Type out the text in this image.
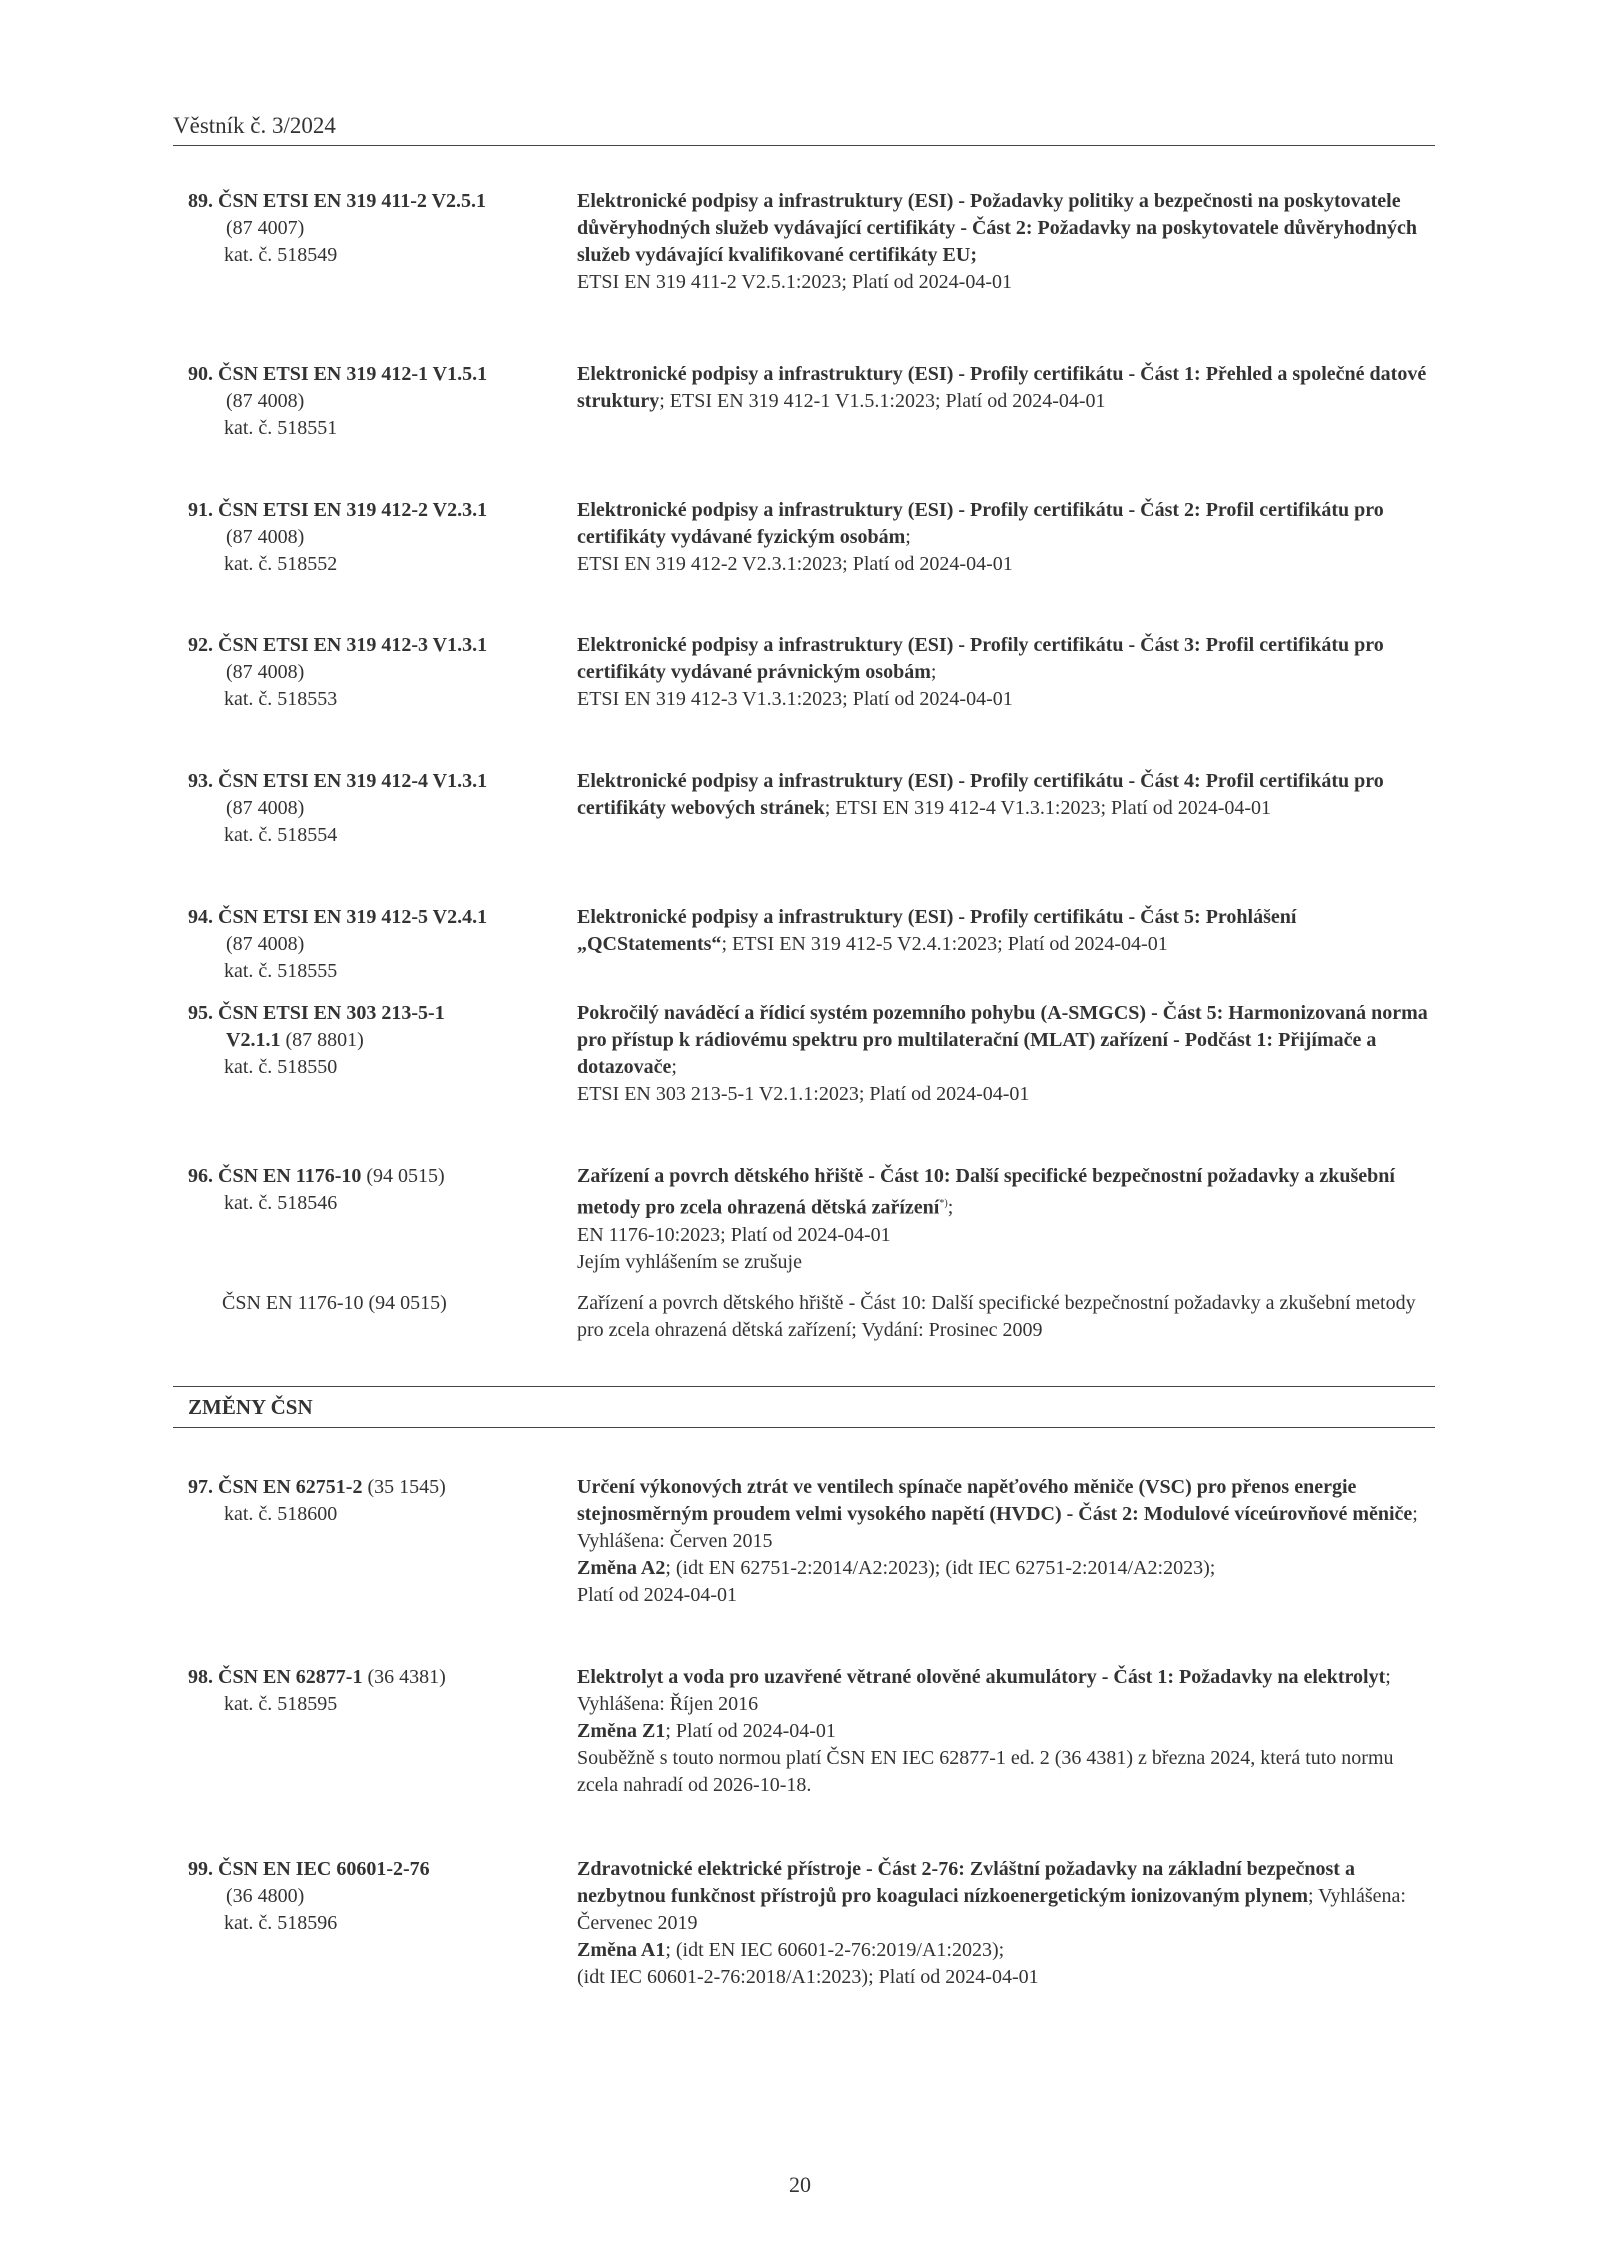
Věstník č. 3/2024
89. ČSN ETSI EN 319 411-2 V2.5.1
(87 4007)
kat. č. 518549
Elektronické podpisy a infrastruktury (ESI) - Požadavky politiky a bezpečnosti na poskytovatele důvěryhodných služeb vydávající certifikáty - Část 2: Požadavky na poskytovatele důvěryhodných služeb vydávající kvalifikované certifikáty EU;
ETSI EN 319 411-2 V2.5.1:2023; Platí od 2024-04-01
90. ČSN ETSI EN 319 412-1 V1.5.1
(87 4008)
kat. č. 518551
Elektronické podpisy a infrastruktury (ESI) - Profily certifikátu - Část 1: Přehled a společné datové struktury; ETSI EN 319 412-1 V1.5.1:2023; Platí od 2024-04-01
91. ČSN ETSI EN 319 412-2 V2.3.1
(87 4008)
kat. č. 518552
Elektronické podpisy a infrastruktury (ESI) - Profily certifikátu - Část 2: Profil certifikátu pro certifikáty vydávané fyzickým osobám;
ETSI EN 319 412-2 V2.3.1:2023; Platí od 2024-04-01
92. ČSN ETSI EN 319 412-3 V1.3.1
(87 4008)
kat. č. 518553
Elektronické podpisy a infrastruktury (ESI) - Profily certifikátu - Část 3: Profil certifikátu pro certifikáty vydávané právnickým osobám;
ETSI EN 319 412-3 V1.3.1:2023; Platí od 2024-04-01
93. ČSN ETSI EN 319 412-4 V1.3.1
(87 4008)
kat. č. 518554
Elektronické podpisy a infrastruktury (ESI) - Profily certifikátu - Část 4: Profil certifikátu pro certifikáty webových stránek; ETSI EN 319 412-4 V1.3.1:2023; Platí od 2024-04-01
94. ČSN ETSI EN 319 412-5 V2.4.1
(87 4008)
kat. č. 518555
Elektronické podpisy a infrastruktury (ESI) - Profily certifikátu - Část 5: Prohlášení „QCStatements“; ETSI EN 319 412-5 V2.4.1:2023; Platí od 2024-04-01
95. ČSN ETSI EN 303 213-5-1
V2.1.1 (87 8801)
kat. č. 518550
Pokročilý naváděcí a řídicí systém pozemního pohybu (A-SMGCS) - Část 5: Harmonizovaná norma pro přístup k rádiovému spektru pro multilaterační (MLAT) zařízení - Podčást 1: Přijímače a dotazovače;
ETSI EN 303 213-5-1 V2.1.1:2023; Platí od 2024-04-01
96. ČSN EN 1176-10 (94 0515)
kat. č. 518546
Zařízení a povrch dětského hřiště - Část 10: Další specifické bezpečnostní požadavky a zkušební metody pro zcela ohrazená dětská zařízení*);
EN 1176-10:2023; Platí od 2024-04-01
Jejím vyhlášením se zrušuje
ČSN EN 1176-10 (94 0515)	Zařízení a povrch dětského hřiště - Část 10: Další specifické bezpečnostní požadavky a zkušební metody pro zcela ohrazená dětská zařízení; Vydání: Prosinec 2009
ZMĚNY ČSN
97. ČSN EN 62751-2 (35 1545)
kat. č. 518600
Určení výkonových ztrát ve ventilech spínače napěťového měniče (VSC) pro přenos energie stejnosměrným proudem velmi vysokého napětí (HVDC) - Část 2: Modulové víceúrovňové měniče; Vyhlášena: Červen 2015
Změna A2; (idt EN 62751-2:2014/A2:2023); (idt IEC 62751-2:2014/A2:2023);
Platí od 2024-04-01
98. ČSN EN 62877-1 (36 4381)
kat. č. 518595
Elektrolyt a voda pro uzavřené větrané olověné akumulátory - Část 1: Požadavky na elektrolyt; Vyhlášena: Říjen 2016
Změna Z1; Platí od 2024-04-01
Souběžně s touto normou platí ČSN EN IEC 62877-1 ed. 2 (36 4381) z března 2024, která tuto normu zcela nahradí od 2026-10-18.
99. ČSN EN IEC 60601-2-76
(36 4800)
kat. č. 518596
Zdravotnické elektrické přístroje - Část 2-76: Zvláštní požadavky na základní bezpečnost a nezbytnou funkčnost přístrojů pro koagulaci nízkoenergetickým ionizovaným plynem; Vyhlášena: Červenec 2019
Změna A1; (idt EN IEC 60601-2-76:2019/A1:2023);
(idt IEC 60601-2-76:2018/A1:2023); Platí od 2024-04-01
20
